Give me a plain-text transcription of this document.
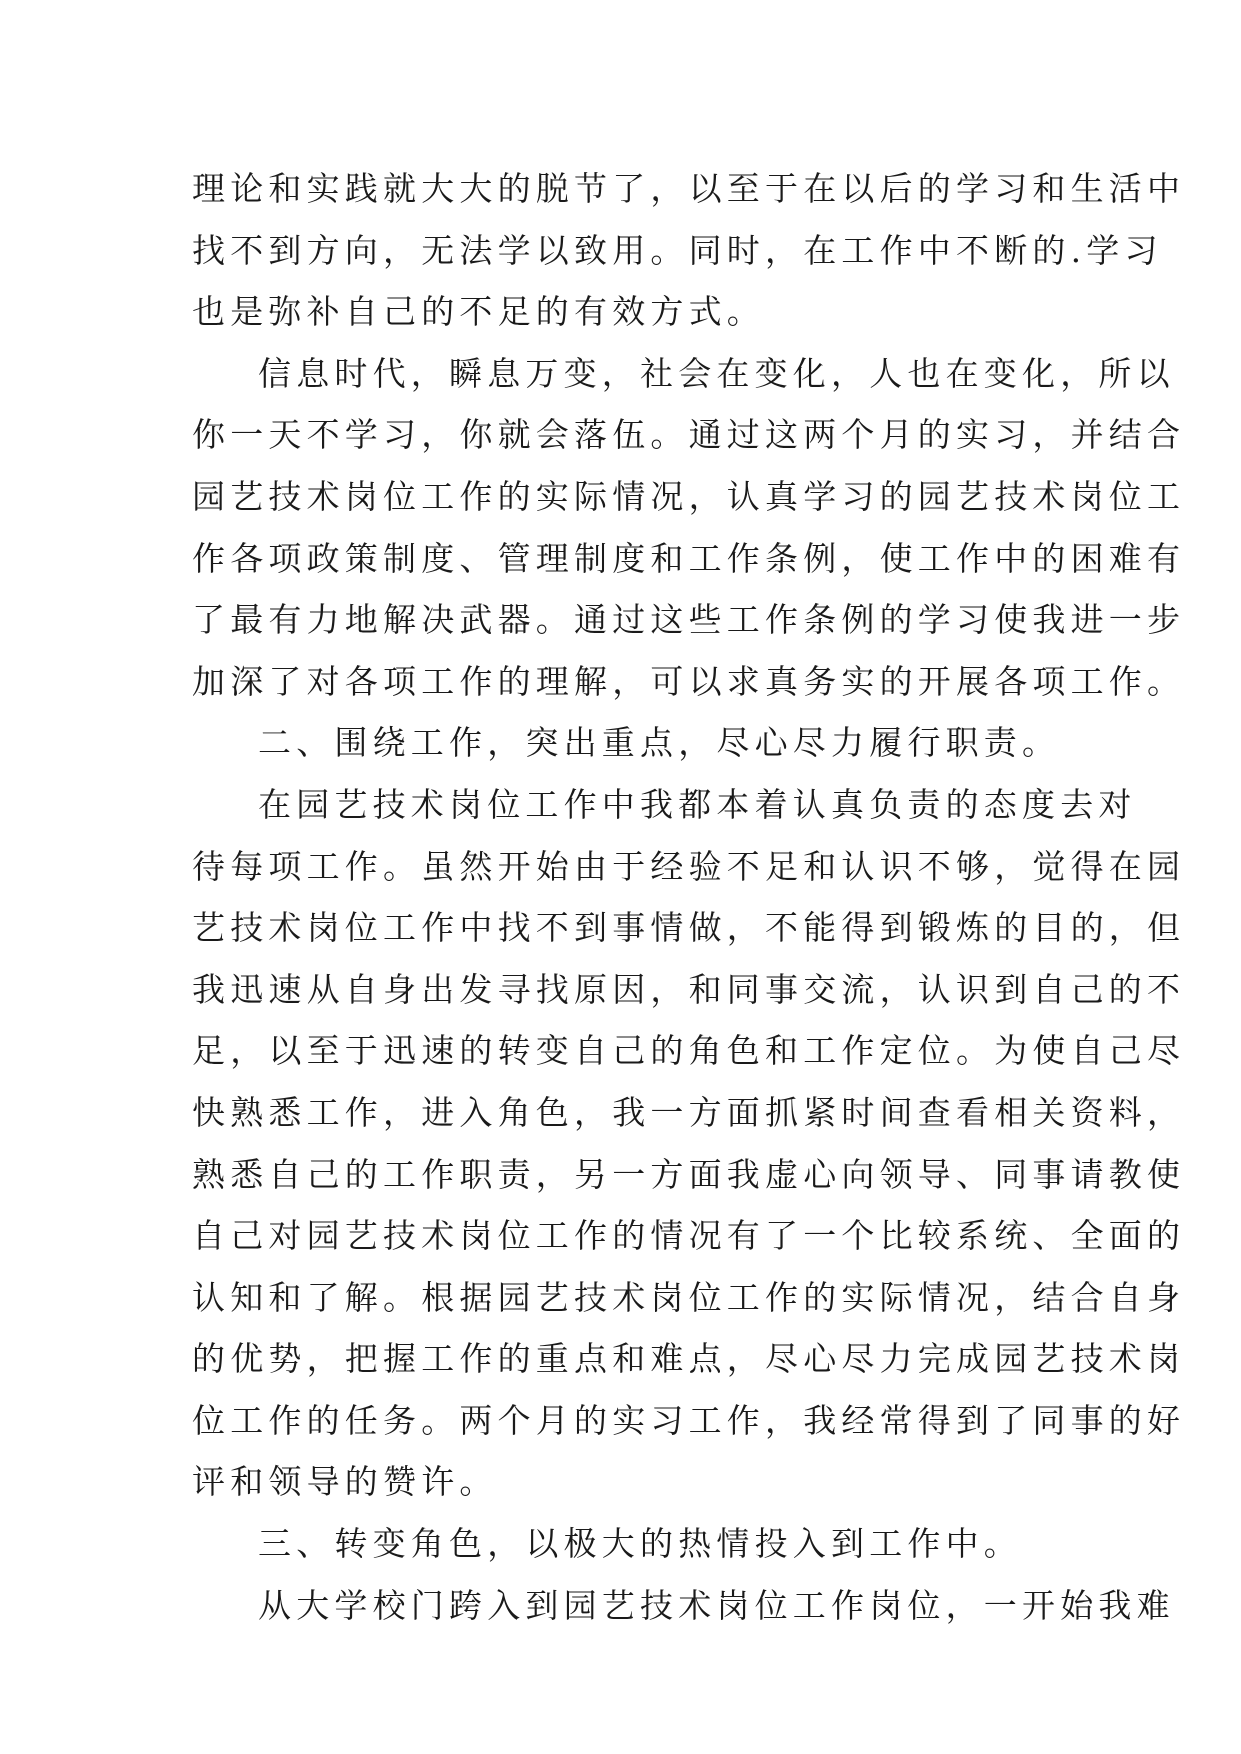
理论和实践就大大的脱节了，以至于在以后的学习和生活中
找不到方向，无法学以致用。同时，在工作中不断的.学习
也是弥补自己的不足的有效方式。
信息时代，瞬息万变，社会在变化，人也在变化，所以
你一天不学习，你就会落伍。通过这两个月的实习，并结合
园艺技术岗位工作的实际情况，认真学习的园艺技术岗位工
作各项政策制度、管理制度和工作条例，使工作中的困难有
了最有力地解决武器。通过这些工作条例的学习使我进一步
加深了对各项工作的理解，可以求真务实的开展各项工作。
二、围绕工作，突出重点，尽心尽力履行职责。
在园艺技术岗位工作中我都本着认真负责的态度去对
待每项工作。虽然开始由于经验不足和认识不够，觉得在园
艺技术岗位工作中找不到事情做，不能得到锻炼的目的，但
我迅速从自身出发寻找原因，和同事交流，认识到自己的不
足，以至于迅速的转变自己的角色和工作定位。为使自己尽
快熟悉工作，进入角色，我一方面抓紧时间查看相关资料，
熟悉自己的工作职责，另一方面我虚心向领导、同事请教使
自己对园艺技术岗位工作的情况有了一个比较系统、全面的
认知和了解。根据园艺技术岗位工作的实际情况，结合自身
的优势，把握工作的重点和难点，尽心尽力完成园艺技术岗
位工作的任务。两个月的实习工作，我经常得到了同事的好
评和领导的赞许。
三、转变角色，以极大的热情投入到工作中。
从大学校门跨入到园艺技术岗位工作岗位，一开始我难
